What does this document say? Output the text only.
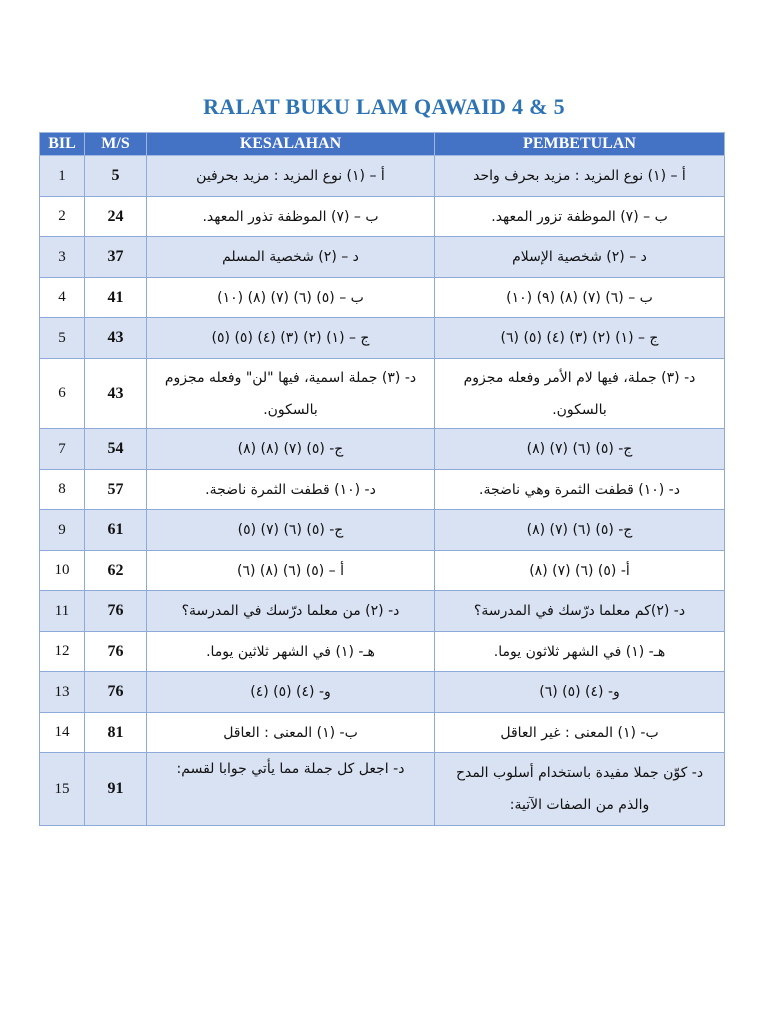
RALAT BUKU LAM QAWAID 4 & 5
BIL	M/S	KESALAHAN	PEMBETULAN
1	5	أ – (١) نوع المزيد : مزيد بحرفين	أ – (١) نوع المزيد : مزيد بحرف واحد
2	24	ب – (٧) الموظفة تذور المعهد.	ب – (٧) الموظفة تزور المعهد.
3	37	د – (٢) شخصية المسلم	د – (٢) شخصية الإسلام
4	41	ب – (٥) (٦) (٧) (٨) (١٠)	ب – (٦) (٧) (٨) (٩) (١٠)
5	43	ج – (١) (٢) (٣) (٤) (٥) (٥)	ج – (١) (٢) (٣) (٤) (٥) (٦)
6	43	د- (٣) جملة اسمية، فيها "لن" وفعله مجزوم بالسكون.	د- (٣) جملة، فيها لام الأمر وفعله مجزوم بالسكون.
7	54	ج- (٥) (٧) (٨) (٨)	ج- (٥) (٦) (٧) (٨)
8	57	د- (١٠) قطفت الثمرة ناضجة.	د- (١٠) قطفت الثمرة وهي ناضجة.
9	61	ج- (٥) (٦) (٧) (٥)	ج- (٥) (٦) (٧) (٨)
10	62	أ – (٥) (٦) (٨) (٦)	أ- (٥) (٦) (٧) (٨)
11	76	د- (٢) من معلما درّسك في المدرسة؟	د- (٢)كم معلما درّسك في المدرسة؟
12	76	هـ- (١) في الشهر ثلاثين يوما.	هـ- (١) في الشهر ثلاثون يوما.
13	76	و- (٤) (٥) (٤)	و- (٤) (٥) (٦)
14	81	ب- (١) المعنى : العاقل	ب- (١) المعنى : غير العاقل
15	91	د- اجعل كل جملة مما يأتي جوابا لقسم:	د- كوّن جملا مفيدة باستخدام أسلوب المدح والذم من الصفات الآتية:
